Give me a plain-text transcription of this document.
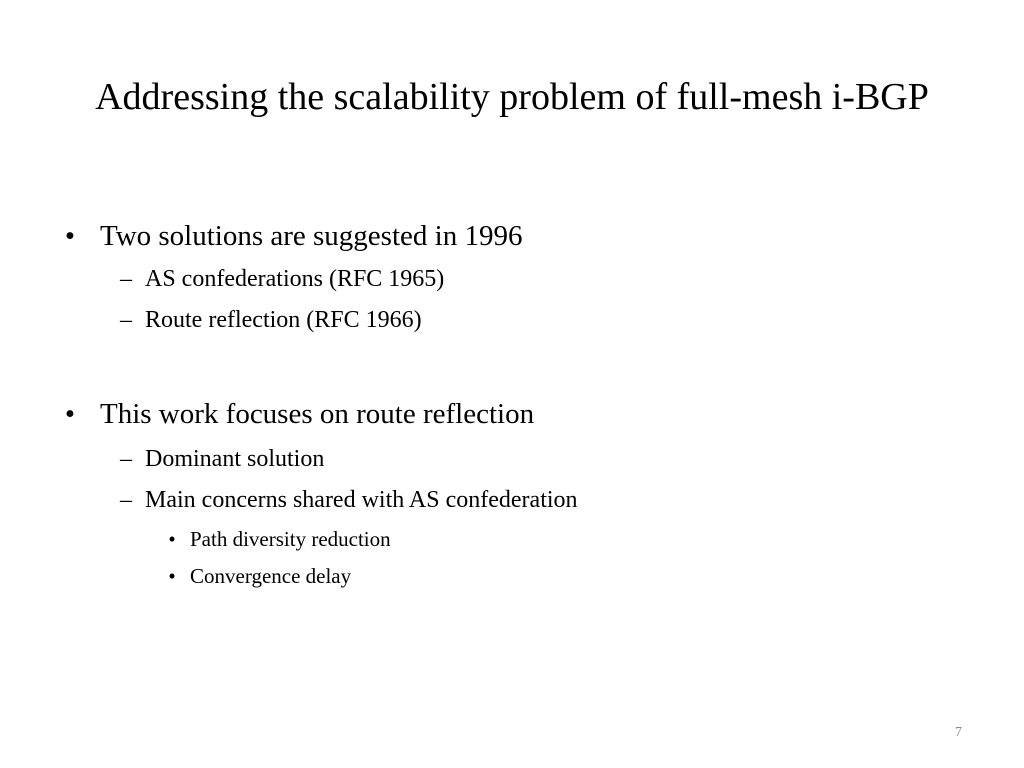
Addressing the scalability problem of full-mesh i-BGP
• Two solutions are suggested in 1996
– AS confederations (RFC 1965)
– Route reflection (RFC 1966)
• This work focuses on route reflection
– Dominant solution
– Main concerns shared with AS confederation
• Path diversity reduction
• Convergence delay
7
